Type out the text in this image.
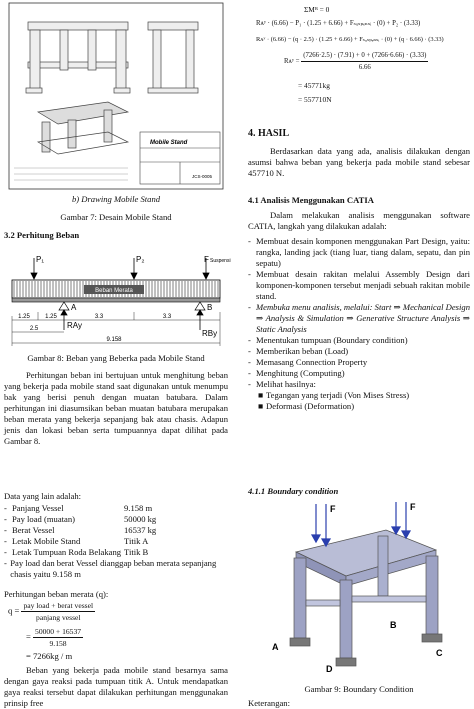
Mobile Stand
JCS-0005

b) Drawing Mobile Stand

Gambar 7: Desain Mobile Stand

3.2 Perhitung Beban

P₁	P₂	F Suspensi
Beban Merata
A	B
RAy
RBy
1.25	1.25	3.3	3.3
2.5
9.158

Gambar 8: Beban yang Beberka pada Mobile Stand

Perhitungan beban ini bertujuan untuk menghitung beban yang bekerja pada mobile stand saat digunakan untuk menumpu bak yang berisi penuh dengan muatan batubara. Dalam perhitungan ini diasumsikan beban muatan batubara merupakan beban merata yang bekerja sepanjang bak atau chasis. Adapun jenis dan lokasi beban serta tumpuannya dapat dilihat pada Gambar 8.

Data yang lain adalah:

- Panjang Vessel	9.158 m
- Pay load (muatan)	50000 kg
- Berat Vessel	16537 kg
- Letak Mobile Stand	Titik A
- Letak Tumpuan Roda Belakang Titik B
- Pay load dan berat Vessel dianggap beban merata sepanjang chasis yaitu 9.158 m

Perhitungan beban merata (q):

$q = \frac{\text{pay load + berat vessel}}{\text{panjang vessel}}$
= $\frac{50000 + 16537}{9.158}$

= 7266kg / m

Beban yang bekerja pada mobile stand besarnya sama dengan gaya reaksi pada tumpuan titik A. Untuk mendapatkan gaya reaksi tersebut dapat dilakukan perhitungan menggunakan prinsip free

ΣMᴮ = 0

Rᴀʸ · (6.66) − P₁ · (1.25 + 6.66) + Fₛᵤₛₚₑₙₛᵢ · (0) + P₂ · (3.33)

Rᴀʸ · (6.66) − (q · 2.5) · (1.25 + 6.66) + Fₛᵤₛₚₑₙₛᵢ · (0) + (q · 6.66) · (3.33)

Rᴀʸ = $\frac{(7266\cdot 2.5) \cdot (7.91) + 0 + (7266\cdot 6.66) \cdot (3.33)}{6.66}$

= 45771kg

= 557710N

4. HASIL

Berdasarkan data yang ada, analisis dilakukan dengan asumsi bahwa beban yang bekerja pada mobile stand sebesar 457710 N.

4.1 Analisis Menggunakan CATIA

Dalam melakukan analisis menggunakan software CATIA, langkah yang dilakukan adalah:

- Membuat desain komponen menggunakan Part Design, yaitu: rangka, landing jack (tiang luar, tiang dalam, sepatu, dan pin sepatu)

- Membuat desain rakitan melalui Assembly Design dari komponen-komponen tersebut menjadi sebuah rakitan mobile stand.

- Membuka menu analisis, melalui: Start ⇒ Mechanical Design ⇒ Analysis & Simulation ⇒ Generative Structure Analysis ⇒ Static Analysis

- Menentukan tumpuan (Boundary condition)

- Memberikan beban (Load)

- Memasang Connection Property

- Menghitung (Computing)

- Melihat hasilnya:

■ Tegangan yang terjadi (Von Mises Stress)

■ Deformasi (Deformation)

4.1.1 Boundary condition

F	F
A
C
D
B

Gambar 9: Boundary Condition

Keterangan:
